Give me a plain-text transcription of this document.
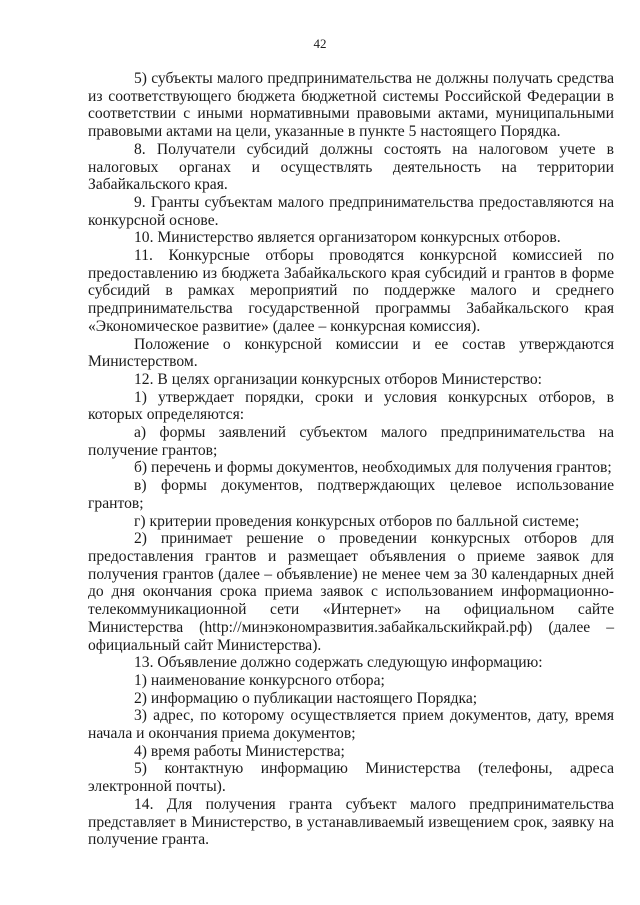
42

5) субъекты малого предпринимательства не должны получать средства из соответствующего бюджета бюджетной системы Российской Федерации в соответствии с иными нормативными правовыми актами, муниципальными правовыми актами на цели, указанные в пункте 5 настоящего Порядка.

8. Получатели субсидий должны состоять на налоговом учете в налоговых органах и осуществлять деятельность на территории Забайкальского края.

9. Гранты субъектам малого предпринимательства предоставляются на конкурсной основе.

10. Министерство является организатором конкурсных отборов.

11. Конкурсные отборы проводятся конкурсной комиссией по предоставлению из бюджета Забайкальского края субсидий и грантов в форме субсидий в рамках мероприятий по поддержке малого и среднего предпринимательства государственной программы Забайкальского края «Экономическое развитие» (далее – конкурсная комиссия).

Положение о конкурсной комиссии и ее состав утверждаются Министерством.

12. В целях организации конкурсных отборов Министерство:

1) утверждает порядки, сроки и условия конкурсных отборов, в которых определяются:

а) формы заявлений субъектом малого предпринимательства на получение грантов;

б) перечень и формы документов, необходимых для получения грантов;

в) формы документов, подтверждающих целевое использование грантов;

г) критерии проведения конкурсных отборов по балльной системе;

2) принимает решение о проведении конкурсных отборов для предоставления грантов и размещает объявления о приеме заявок для получения грантов (далее – объявление) не менее чем за 30 календарных дней до дня окончания срока приема заявок с использованием информационно-телекоммуникационной сети «Интернет» на официальном сайте Министерства (http://минэкономразвития.забайкальскийкрай.рф) (далее – официальный сайт Министерства).

13. Объявление должно содержать следующую информацию:

1) наименование конкурсного отбора;

2) информацию о публикации настоящего Порядка;

3) адрес, по которому осуществляется прием документов, дату, время начала и окончания приема документов;

4) время работы Министерства;

5) контактную информацию Министерства (телефоны, адреса электронной почты).

14. Для получения гранта субъект малого предпринимательства представляет в Министерство, в устанавливаемый извещением срок, заявку на получение гранта.
